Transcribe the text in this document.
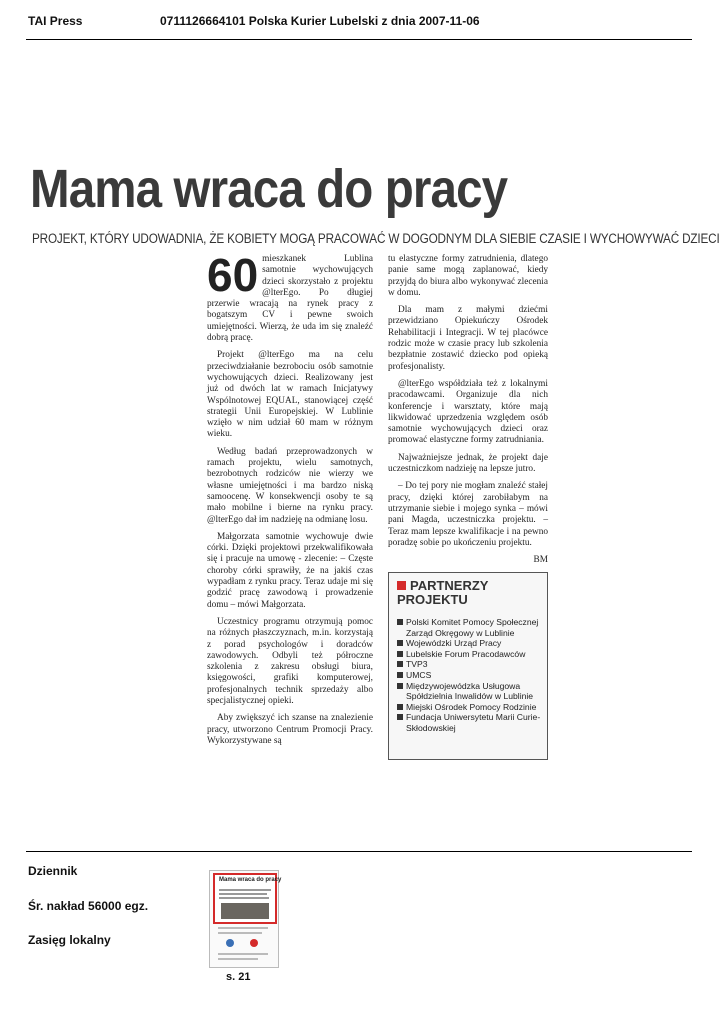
TAI Press	0711126664101 Polska Kurier Lubelski z dnia 2007-11-06
Mama wraca do pracy
PROJEKT, KTÓRY UDOWADNIA, ŻE KOBIETY MOGĄ PRACOWAĆ W DOGODNYM DLA SIEBIE CZASIE I WYCHOWYWAĆ DZIECI
60 mieszkanek Lublina samotnie wychowujących dzieci skorzystało z projektu @lterEgo. Po długiej przerwie wracają na rynek pracy z bogatszym CV i pewne swoich umiejętności. Wierzą, że uda im się znaleźć dobrą pracę.

Projekt @lterEgo ma na celu przeciwdziałanie bezrobociu osób samotnie wychowujących dzieci. Realizowany jest już od dwóch lat w ramach Inicjatywy Wspólnotowej EQUAL, stanowiącej część strategii Unii Europejskiej. W Lublinie wzięło w nim udział 60 mam w różnym wieku.

Według badań przeprowadzonych w ramach projektu, wielu samotnych, bezrobotnych rodziców nie wierzy we własne umiejętności i ma bardzo niską samoocenę. W konsekwencji osoby te są mało mobilne i bierne na rynku pracy. @lterEgo dał im nadzieję na odmianę losu.

Małgorzata samotnie wychowuje dwie córki. Dzięki projektowi przekwalifikowała się i pracuje na umowę - zlecenie: – Częste choroby córki sprawiły, że na jakiś czas wypadłam z rynku pracy. Teraz udaje mi się godzić pracę zawodową i prowadzenie domu – mówi Małgorzata.

Uczestnicy programu otrzymują pomoc na różnych płaszczyznach, m.in. korzystają z porad psychologów i doradców zawodowych. Odbyli też półroczne szkolenia z zakresu obsługi biura, księgowości, grafiki komputerowej, profesjonalnych technik sprzedaży albo specjalistycznej opieki.

Aby zwiększyć ich szanse na znalezienie pracy, utworzono Centrum Promocji Pracy. Wykorzystywane są

tu elastyczne formy zatrudnienia, dlatego panie same mogą zaplanować, kiedy przyjdą do biura albo wykonywać zlecenia w domu.

Dla mam z małymi dziećmi przewidziano Opiekuńczy Ośrodek Rehabilitacji i Integracji. W tej placówce rodzic może w czasie pracy lub szkolenia bezpłatnie zostawić dziecko pod opieką profesjonalisty.

@lterEgo współdziała też z lokalnymi pracodawcami. Organizuje dla nich konferencje i warsztaty, które mają likwidować uprzedzenia względem osób samotnie wychowujących dzieci oraz promować elastyczne formy zatrudniania.

Najważniejsze jednak, że projekt daje uczestniczkom nadzieję na lepsze jutro.

– Do tej pory nie mogłam znaleźć stałej pracy, dzięki której zarobiłabym na utrzymanie siebie i mojego synka – mówi pani Magda, uczestniczka projektu. – Teraz mam lepsze kwalifikacje i na pewno poradzę sobie po ukończeniu projektu.

BM
PARTNERZY
PROJEKTU
Polski Komitet Pomocy Społecznej Zarząd Okręgowy w Lublinie
Wojewódzki Urząd Pracy
Lubelskie Forum Pracodawców
TVP3
UMCS
Międzywojewódzka Usługowa Spółdzielnia Inwalidów w Lublinie
Miejski Ośrodek Pomocy Rodzinie
Fundacja Uniwersytetu Marii Curie-Skłodowskiej
Dziennik
Śr. nakład 56000 egz.
Zasięg lokalny
Mama wraca do pracy
s. 21
